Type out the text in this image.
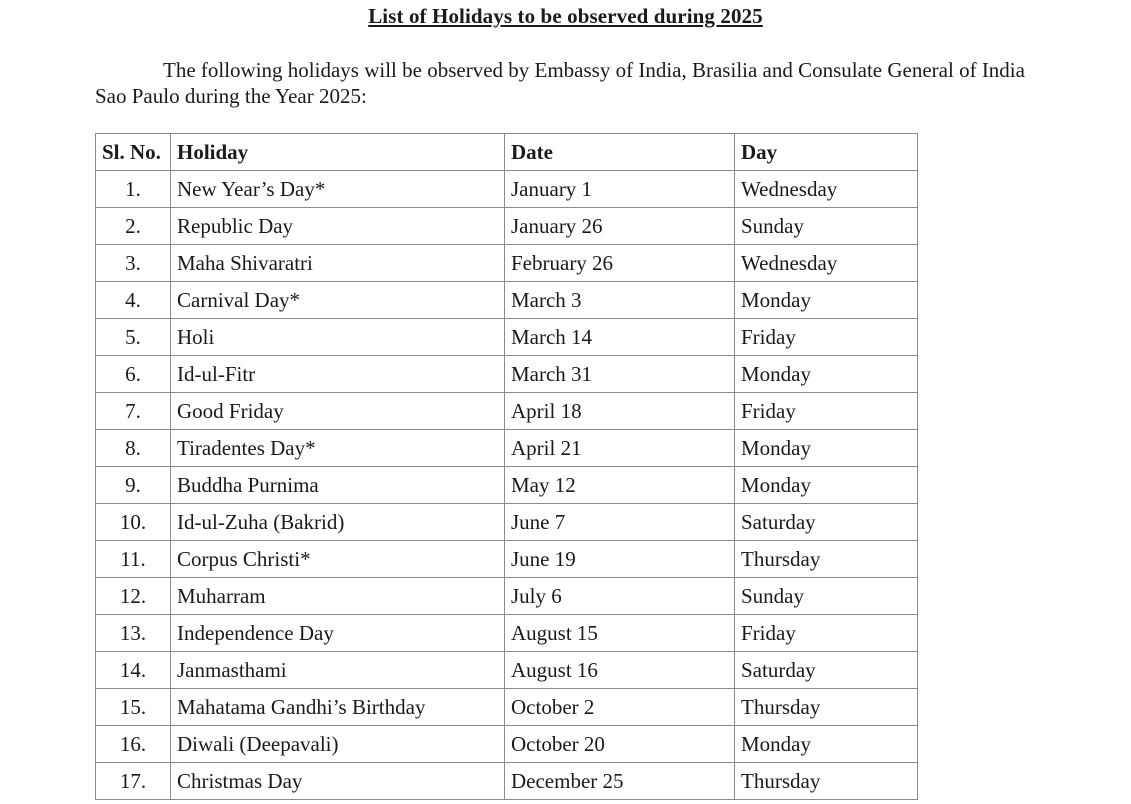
List of Holidays to be observed during 2025
The following holidays will be observed by Embassy of India, Brasilia and Consulate General of India Sao Paulo during the Year 2025:
Sl. No.	Holiday	Date	Day
1.	New Year’s Day*	January 1	Wednesday
2.	Republic Day	January 26	Sunday
3.	Maha Shivaratri	February 26	Wednesday
4.	Carnival Day*	March 3	Monday
5.	Holi	March 14	Friday
6.	Id-ul-Fitr	March 31	Monday
7.	Good Friday	April 18	Friday
8.	Tiradentes Day*	April 21	Monday
9.	Buddha Purnima	May 12	Monday
10.	Id-ul-Zuha (Bakrid)	June 7	Saturday
11.	Corpus Christi*	June 19	Thursday
12.	Muharram	July 6	Sunday
13.	Independence Day	August 15	Friday
14.	Janmasthami	August 16	Saturday
15.	Mahatama Gandhi’s Birthday	October 2	Thursday
16.	Diwali (Deepavali)	October 20	Monday
17.	Christmas Day	December 25	Thursday
